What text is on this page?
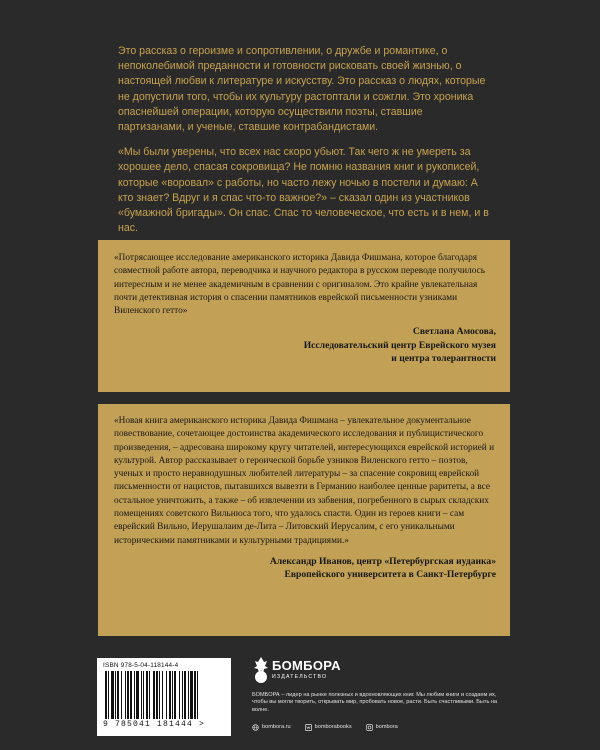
Это рассказ о героизме и сопротивлении, о дружбе и романтике, о непоколебимой преданности и готовности рисковать своей жизнью, о настоящей любви к литературе и искусству. Это рассказ о людях, которые не допустили того, чтобы их культуру растоптали и сожгли. Это хроника опаснейшей операции, которую осуществили поэты, ставшие партизанами, и ученые, ставшие контрабандистами.

«Мы были уверены, что всех нас скоро убьют. Так чего ж не умереть за хорошее дело, спасая сокровища? Не помню названия книг и рукописей, которые «воровал» с работы, но часто лежу ночью в постели и думаю: А кто знает? Вдруг и я спас что-то важное?» – сказал один из участников «бумажной бригады». Он спас. Спас то человеческое, что есть и в нем, и в нас.

«Потрясающее исследование американского историка Давида Фишмана, которое благодаря совместной работе автора, переводчика и научного редактора в русском переводе получилось интересным и не менее академичным в сравнении с оригиналом. Это крайне увлекательная почти детективная история о спасении памятников еврейской письменности узниками Виленского гетто»
Светлана Амосова,
Исследовательский центр Еврейского музея
и центра толерантности
«Новая книга американского историка Давида Фишмана – увлекательное документальное повествование, сочетающее достоинства академического исследования и публицистического произведения, – адресована широкому кругу читателей, интересующихся еврейской историей и культурой. Автор рассказывает о героической борьбе узников Виленского гетто – поэтов, ученых и просто неравнодушных любителей литературы – за спасение сокровищ еврейской письменности от нацистов, пытавшихся вывезти в Германию наиболее ценные раритеты, а все остальное уничтожить, а также – об извлечении из забвения, погребенного в сырых складских помещениях советского Вильнюса того, что удалось спасти. Один из героев книги – сам еврейский Вильно, Иерушалаим де-Лита – Литовский Иерусалим, с его уникальными историческими памятниками и культурными традициями.»
Александр Иванов, центр «Петербургская иудаика»
Европейского университета в Санкт-Петербурге
ISBN 978-5-04-118144-4
9 785041 181444 >
БОМБОРА
ИЗДАТЕЛЬСТВО
БОМБОРА – лидер на рынке полезных и вдохновляющих книг. Мы любим книги и создаем их, чтобы вы могли творить, открывать мир, пробовать новое, расти. Быть счастливыми. Быть на волне.
bombora.ru	bomborabooks	bombora
